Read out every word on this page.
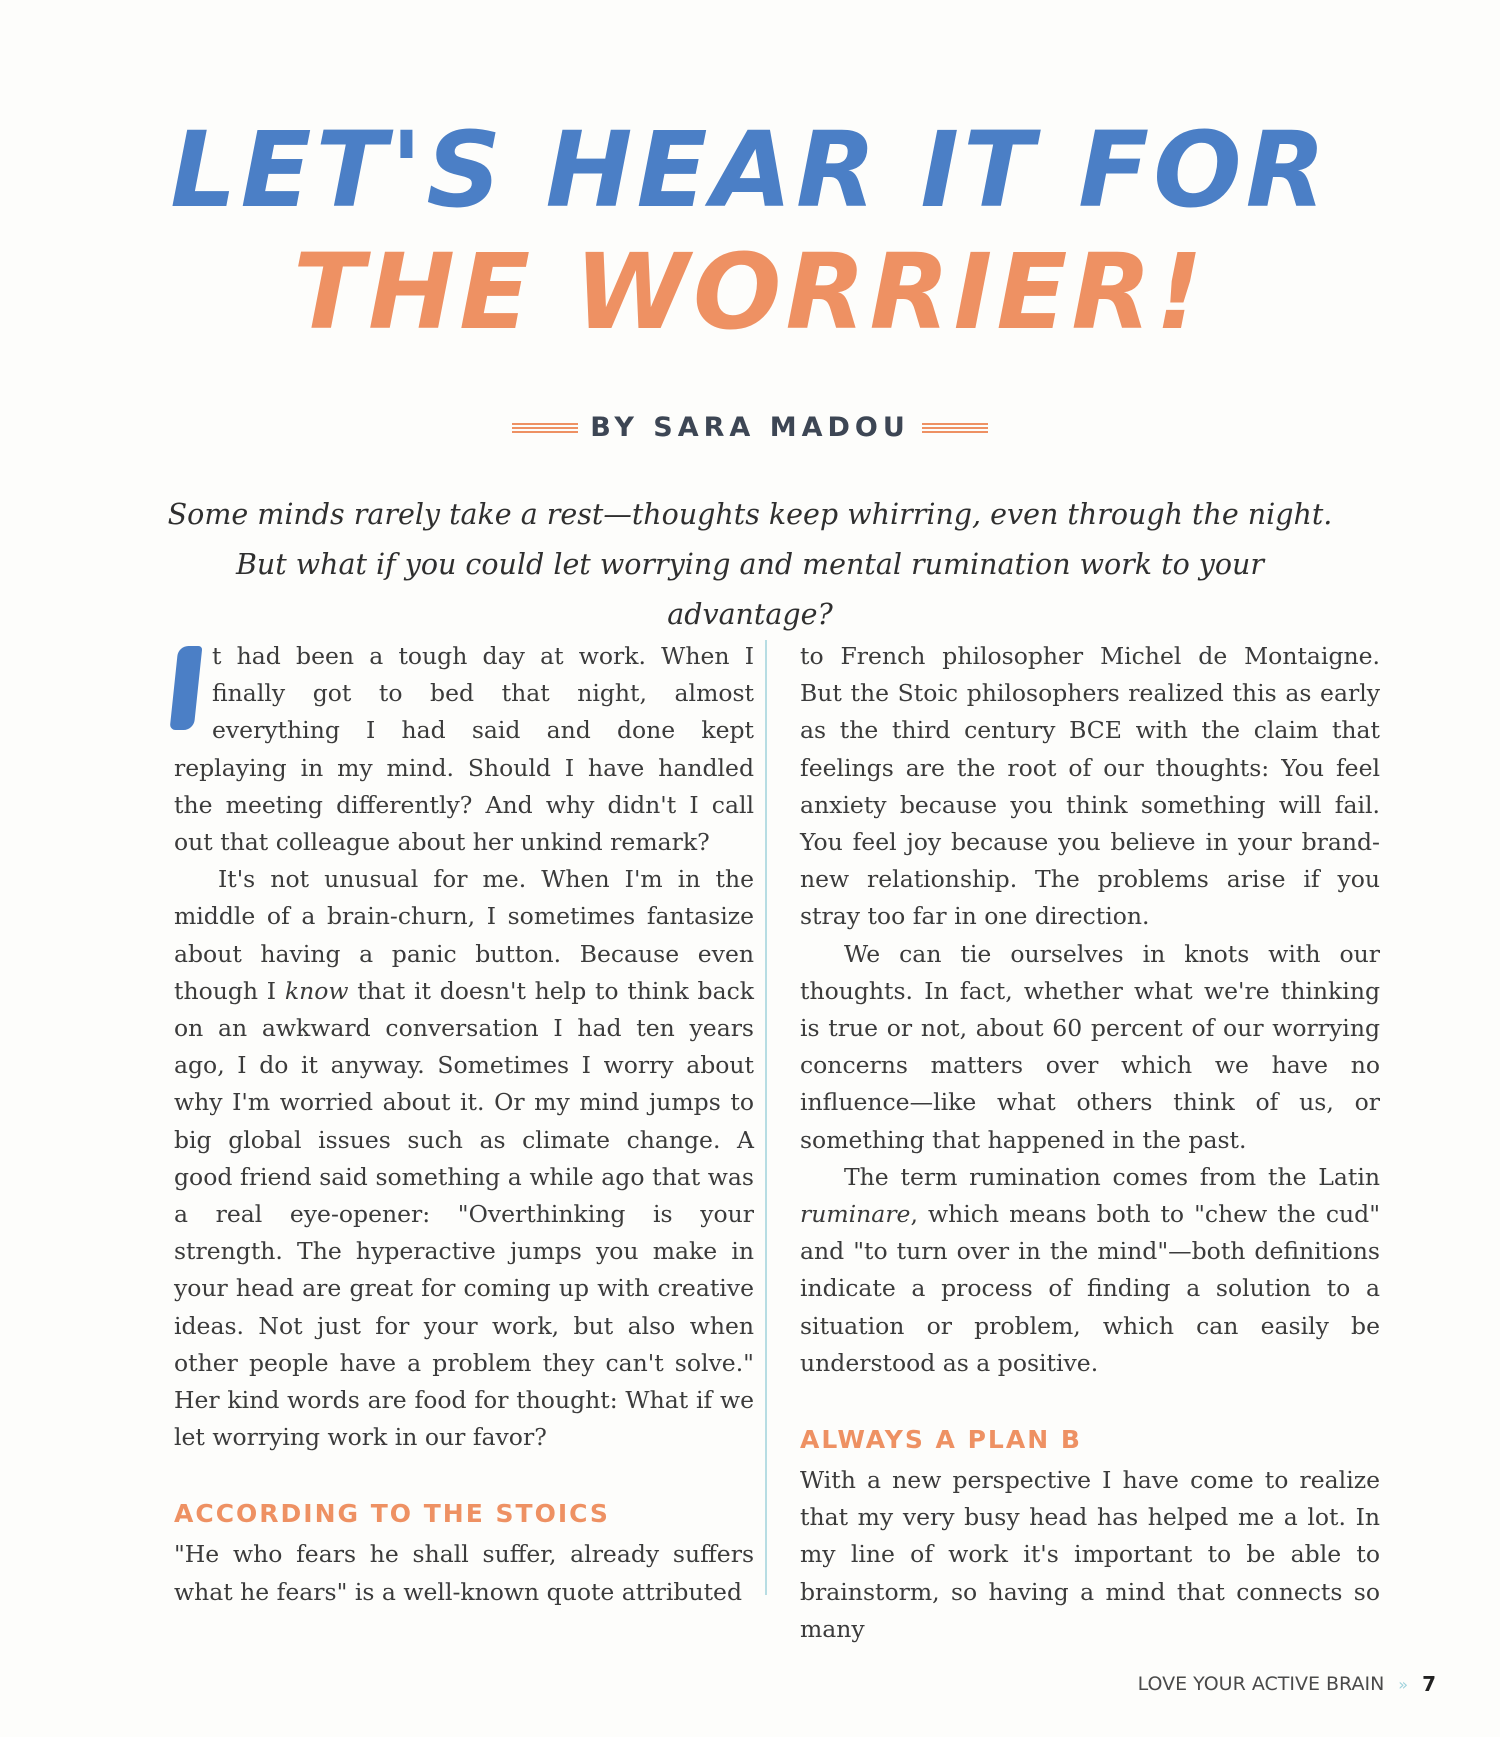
LET'S HEAR IT FOR
THE WORRIER!
BY SARA MADOU

Some minds rarely take a rest—thoughts keep whirring, even through the night. But what if you could let worrying and mental rumination work to your advantage?

t had been a tough day at work. When I finally got to bed that night, almost everything I had said and done kept replaying in my mind. Should I have handled the meeting differently? And why didn't I call out that colleague about her unkind remark?

It's not unusual for me. When I'm in the middle of a brain-churn, I sometimes fantasize about having a panic button. Because even though I know that it doesn't help to think back on an awkward conversation I had ten years ago, I do it anyway. Sometimes I worry about why I'm worried about it. Or my mind jumps to big global issues such as climate change. A good friend said something a while ago that was a real eye-opener: "Overthinking is your strength. The hyperactive jumps you make in your head are great for coming up with creative ideas. Not just for your work, but also when other people have a problem they can't solve." Her kind words are food for thought: What if we let worrying work in our favor?

ACCORDING TO THE STOICS

"He who fears he shall suffer, already suffers what he fears" is a well-known quote attributed

to French philosopher Michel de Montaigne. But the Stoic philosophers realized this as early as the third century BCE with the claim that feelings are the root of our thoughts: You feel anxiety because you think something will fail. You feel joy because you believe in your brand-new relationship. The problems arise if you stray too far in one direction.

We can tie ourselves in knots with our thoughts. In fact, whether what we're thinking is true or not, about 60 percent of our worrying concerns matters over which we have no influence—like what others think of us, or something that happened in the past.

The term rumination comes from the Latin ruminare, which means both to "chew the cud" and "to turn over in the mind"—both definitions indicate a process of finding a solution to a situation or problem, which can easily be understood as a positive.

ALWAYS A PLAN B

With a new perspective I have come to realize that my very busy head has helped me a lot. In my line of work it's important to be able to brainstorm, so having a mind that connects so many

LOVE YOUR ACTIVE BRAIN » 7
